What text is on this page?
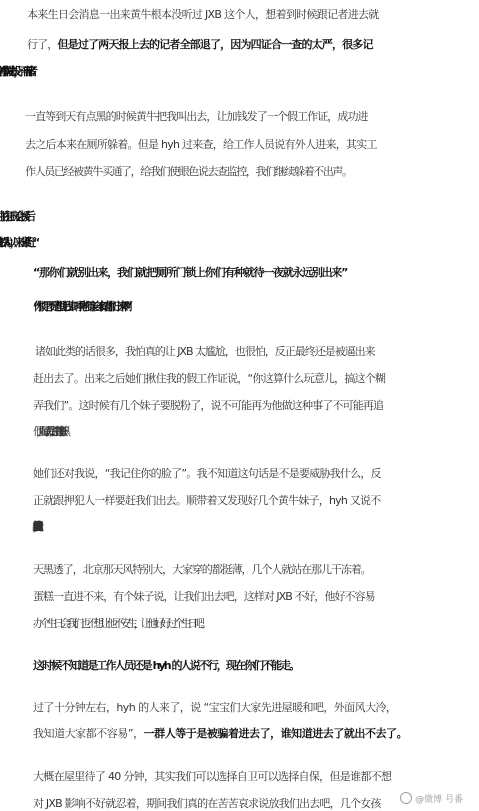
本来生日会消息一出来黄牛根本没听过 JXB 这个人，想着到时候跟记者进去就
行了，但是过了两天报上去的记者全部退了，因为四证合一查的太严，很多记
一直等到天有点黑的时候黄牛把我叫出去，让加钱发了一个假工作证，成功进
去之后本来在厕所躲着。但是 hyh 过来查，给工作人员说有外人进来，其实工
作人员已经被黄牛买通了，给我们使眼色说去查监控，我们继续躲着不出声。
“那你们就别出来，我们就把厕所门锁上你们有种就待一夜就永远别出来”
“你们是不是想让我去叫季老师亲自来请你们出来啊”
诸如此类的话很多，我怕真的让 JXB 太尴尬，也很怕，反正最终还是被逼出来
赶出去了。出来之后她们揪住我的假工作证说，“你这算什么玩意儿，搞这个糊
弄我们”。这时候有几个妹子要脱粉了，说不可能再为他做这种事了不可能再追
他了，太屈辱了太丢人了，甚至有些准备转黑。
她们还对我说，“我记住你的脸了”。我不知道这句话是不是要威胁我什么，反
正就跟押犯人一样要赶我们出去。顺带着又发现好几个黄牛妹子，hyh 又说不
天黑透了，北京那天风特别大，大家穿的都挺薄，几个人就站在那儿干冻着。
蛋糕一直进不来，有个妹子说，让我们出去吧，这样对 JXB 不好，他好不容易
办个生日会我们也不想让他不安生，让他好好过个生日吧。
这时候不知道是工作人员还是 hyh 的人说不行，现在你们不能走。
过了十分钟左右，hyh 的人来了，说 “宝宝们大家先进屋暖和吧，外面风大冷，
我知道大家都不容易”，一群人等于是被骗着进去了，谁知道进去了就出不去了。
大概在屋里待了 40 分钟，其实我们可以选择自卫可以选择自保，但是谁都不想
对 JXB 影响不好就忍着，期间我们真的在苦苦哀求说放我们出去吧，几个女孩	@微博 号番
